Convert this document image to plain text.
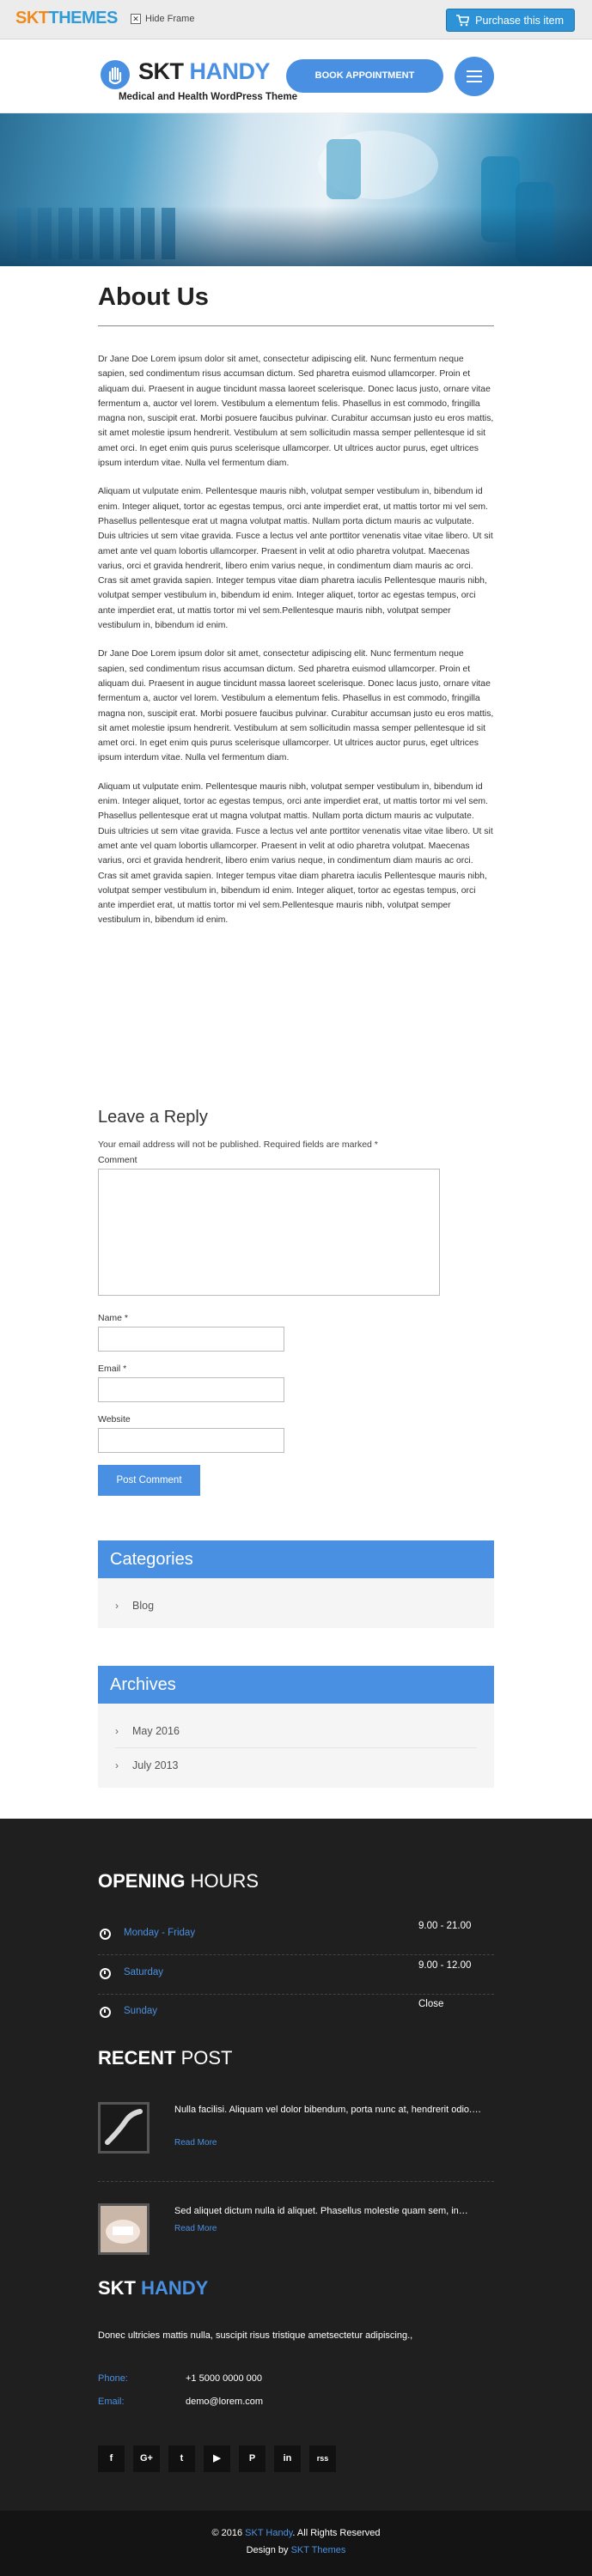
SKTTHEMES ✕ Hide Frame	Purchase this item
SKT HANDY
Medical and Health WordPress Theme
BOOK APPOINTMENT
About Us

Dr Jane Doe Lorem ipsum dolor sit amet, consectetur adipiscing elit. Nunc fermentum neque sapien, sed condimentum risus accumsan dictum. Sed pharetra euismod ullamcorper. Proin et aliquam dui. Praesent in augue tincidunt massa laoreet scelerisque. Donec lacus justo, ornare vitae fermentum a, auctor vel lorem. Vestibulum a elementum felis. Phasellus in est commodo, fringilla magna non, suscipit erat. Morbi posuere faucibus pulvinar. Curabitur accumsan justo eu eros mattis, sit amet molestie ipsum hendrerit. Vestibulum at sem sollicitudin massa semper pellentesque id sit amet orci. In eget enim quis purus scelerisque ullamcorper. Ut ultrices auctor purus, eget ultrices ipsum interdum vitae. Nulla vel fermentum diam.

Aliquam ut vulputate enim. Pellentesque mauris nibh, volutpat semper vestibulum in, bibendum id enim. Integer aliquet, tortor ac egestas tempus, orci ante imperdiet erat, ut mattis tortor mi vel sem. Phasellus pellentesque erat ut magna volutpat mattis. Nullam porta dictum mauris ac vulputate. Duis ultricies ut sem vitae gravida. Fusce a lectus vel ante porttitor venenatis vitae vitae libero. Ut sit amet ante vel quam lobortis ullamcorper. Praesent in velit at odio pharetra volutpat. Maecenas varius, orci et gravida hendrerit, libero enim varius neque, in condimentum diam mauris ac orci. Cras sit amet gravida sapien. Integer tempus vitae diam pharetra iaculis Pellentesque mauris nibh, volutpat semper vestibulum in, bibendum id enim. Integer aliquet, tortor ac egestas tempus, orci ante imperdiet erat, ut mattis tortor mi vel sem.Pellentesque mauris nibh, volutpat semper vestibulum in, bibendum id enim.

Dr Jane Doe Lorem ipsum dolor sit amet, consectetur adipiscing elit. Nunc fermentum neque sapien, sed condimentum risus accumsan dictum. Sed pharetra euismod ullamcorper. Proin et aliquam dui. Praesent in augue tincidunt massa laoreet scelerisque. Donec lacus justo, ornare vitae fermentum a, auctor vel lorem. Vestibulum a elementum felis. Phasellus in est commodo, fringilla magna non, suscipit erat. Morbi posuere faucibus pulvinar. Curabitur accumsan justo eu eros mattis, sit amet molestie ipsum hendrerit. Vestibulum at sem sollicitudin massa semper pellentesque id sit amet orci. In eget enim quis purus scelerisque ullamcorper. Ut ultrices auctor purus, eget ultrices ipsum interdum vitae. Nulla vel fermentum diam.

Aliquam ut vulputate enim. Pellentesque mauris nibh, volutpat semper vestibulum in, bibendum id enim. Integer aliquet, tortor ac egestas tempus, orci ante imperdiet erat, ut mattis tortor mi vel sem. Phasellus pellentesque erat ut magna volutpat mattis. Nullam porta dictum mauris ac vulputate. Duis ultricies ut sem vitae gravida. Fusce a lectus vel ante porttitor venenatis vitae vitae libero. Ut sit amet ante vel quam lobortis ullamcorper. Praesent in velit at odio pharetra volutpat. Maecenas varius, orci et gravida hendrerit, libero enim varius neque, in condimentum diam mauris ac orci. Cras sit amet gravida sapien. Integer tempus vitae diam pharetra iaculis Pellentesque mauris nibh, volutpat semper vestibulum in, bibendum id enim. Integer aliquet, tortor ac egestas tempus, orci ante imperdiet erat, ut mattis tortor mi vel sem.Pellentesque mauris nibh, volutpat semper vestibulum in, bibendum id enim.

Leave a Reply
Your email address will not be published. Required fields are marked *
Comment
Name *
Email *
Website
Post Comment
Categories
›	Blog
Archives
›	May 2016
›	July 2013
OPENING HOURS
Monday - Friday
9.00 - 21.00
Saturday
9.00 - 12.00
Sunday
Close
RECENT POST
Nulla facilisi. Aliquam vel dolor bibendum, porta nunc at, hendrerit odio.…
Read More
Sed aliquet dictum nulla id aliquet. Phasellus molestie quam sem, in…
Read More
SKT HANDY
Donec ultricies mattis nulla, suscipit risus tristique ametsectetur adipiscing.,
Phone:	+1 5000 0000 000
Email:	demo@lorem.com
f	G+	t	▶	P	in	rss
© 2016 SKT Handy. All Rights Reserved
Design by SKT Themes
